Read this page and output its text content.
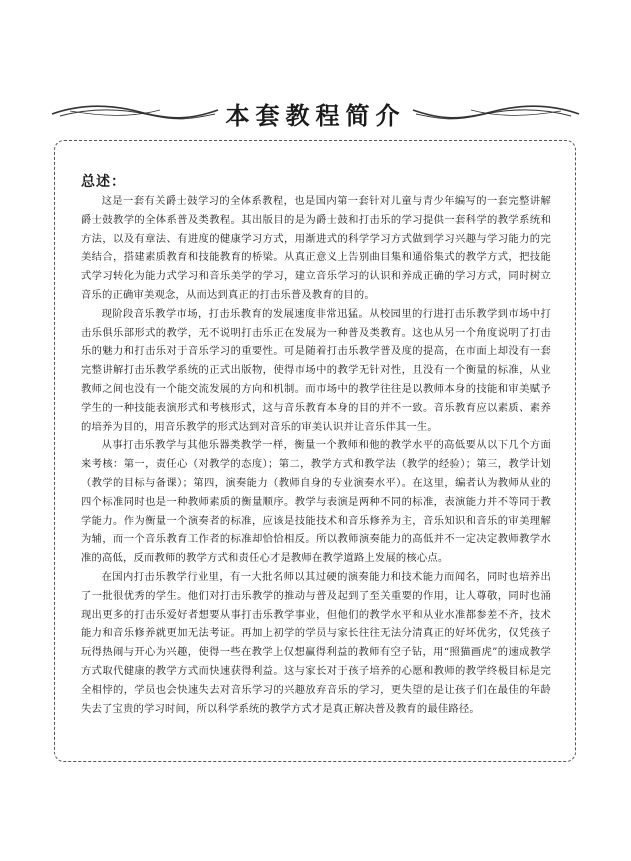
本套教程简介
总述：

这是一套有关爵士鼓学习的全体系教程，也是国内第一套针对儿童与青少年编写的一套完整讲解爵士鼓教学的全体系普及类教程。其出版目的是为爵士鼓和打击乐的学习提供一套科学的教学系统和方法，以及有章法、有进度的健康学习方式，用渐进式的科学学习方式做到学习兴趣与学习能力的完美结合，搭建素质教育和技能教育的桥梁。从真正意义上告别曲目集和通俗集式的教学方式，把技能式学习转化为能力式学习和音乐美学的学习，建立音乐学习的认识和养成正确的学习方式，同时树立音乐的正确审美观念，从而达到真正的打击乐普及教育的目的。

现阶段音乐教学市场，打击乐教育的发展速度非常迅猛。从校园里的行进打击乐教学到市场中打击乐俱乐部形式的教学，无不说明打击乐正在发展为一种普及类教育。这也从另一个角度说明了打击乐的魅力和打击乐对于音乐学习的重要性。可是随着打击乐教学普及度的提高，在市面上却没有一套完整讲解打击乐教学系统的正式出版物，使得市场中的教学无针对性，且没有一个衡量的标准，从业教师之间也没有一个能交流发展的方向和机制。而市场中的教学往往是以教师本身的技能和审美赋予学生的一种技能表演形式和考核形式，这与音乐教育本身的目的并不一致。音乐教育应以素质、素养的培养为目的，用音乐教学的形式达到对音乐的审美认识并让音乐伴其一生。

从事打击乐教学与其他乐器类教学一样，衡量一个教师和他的教学水平的高低要从以下几个方面来考核：第一，责任心（对教学的态度）；第二，教学方式和教学法（教学的经验）；第三，教学计划（教学的目标与备课）；第四，演奏能力（教师自身的专业演奏水平）。在这里，编者认为教师从业的四个标准同时也是一种教师素质的衡量顺序。教学与表演是两种不同的标准，表演能力并不等同于教学能力。作为衡量一个演奏者的标准，应该是技能技术和音乐修养为主，音乐知识和音乐的审美理解为辅，而一个音乐教育工作者的标准却恰恰相反。所以教师演奏能力的高低并不一定决定教师教学水准的高低，反而教师的教学方式和责任心才是教师在教学道路上发展的核心点。

在国内打击乐教学行业里，有一大批名师以其过硬的演奏能力和技术能力而闻名，同时也培养出了一批很优秀的学生。他们对打击乐教学的推动与普及起到了至关重要的作用，让人尊敬，同时也涌现出更多的打击乐爱好者想要从事打击乐教学事业，但他们的教学水平和从业水准都参差不齐，技术能力和音乐修养就更加无法考证。再加上初学的学员与家长往往无法分清真正的好坏优劣，仅凭孩子玩得热闹与开心为兴趣，使得一些在教学上仅想赢得利益的教师有空子钻，用“照猫画虎”的速成教学方式取代健康的教学方式而快速获得利益。这与家长对于孩子培养的心愿和教师的教学终极目标是完全相悖的，学员也会快速失去对音乐学习的兴趣放弃音乐的学习，更失望的是让孩子们在最佳的年龄失去了宝贵的学习时间，所以科学系统的教学方式才是真正解决普及教育的最佳路径。
